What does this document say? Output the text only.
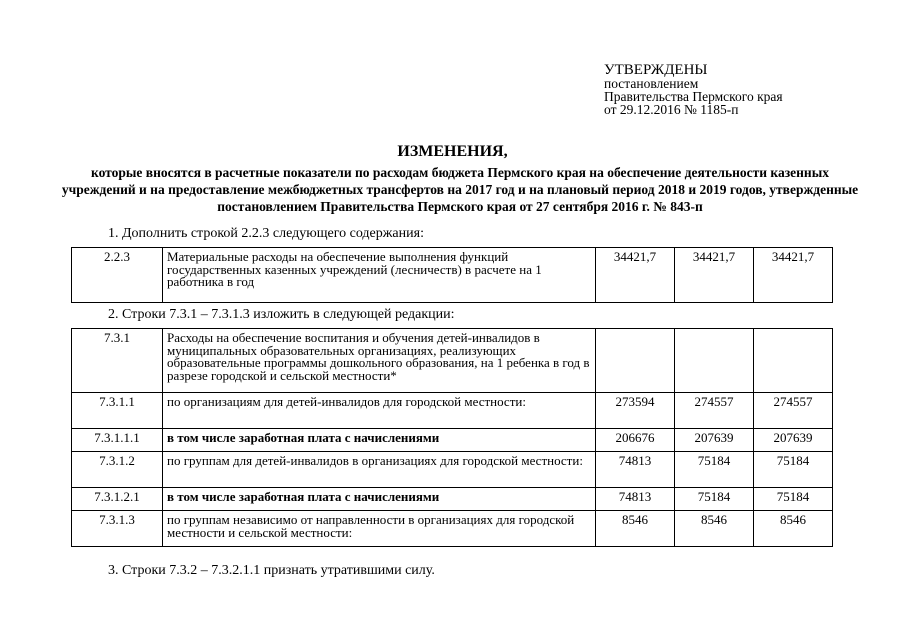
УТВЕРЖДЕНЫ
постановлением
Правительства Пермского края
от 29.12.2016 № 1185-п
ИЗМЕНЕНИЯ,
которые вносятся в расчетные показатели по расходам бюджета Пермского края на обеспечение деятельности казенных учреждений и на предоставление межбюджетных трансфертов на 2017 год и на плановый период 2018 и 2019 годов, утвержденные постановлением Правительства Пермского края от 27 сентября 2016 г. № 843-п
1. Дополнить строкой 2.2.3 следующего содержания:
2.2.3	Материальные расходы на обеспечение выполнения функций государственных казенных учреждений (лесничеств) в расчете на 1 работника в год	34421,7	34421,7	34421,7
2. Строки 7.3.1 – 7.3.1.3 изложить в следующей редакции:
7.3.1	Расходы на обеспечение воспитания и обучения детей-инвалидов в муниципальных образовательных организациях, реализующих образовательные программы дошкольного образования, на 1 ребенка в год в разрезе городской и сельской местности*			
7.3.1.1	по организациям для детей-инвалидов для городской местности:	273594	274557	274557
7.3.1.1.1	в том числе заработная плата с начислениями	206676	207639	207639
7.3.1.2	по группам для детей-инвалидов в организациях для городской местности:	74813	75184	75184
7.3.1.2.1	в том числе заработная плата с начислениями	74813	75184	75184
7.3.1.3	по группам независимо от направленности в организациях для городской местности и сельской местности:	8546	8546	8546
3. Строки 7.3.2 – 7.3.2.1.1 признать утратившими силу.
